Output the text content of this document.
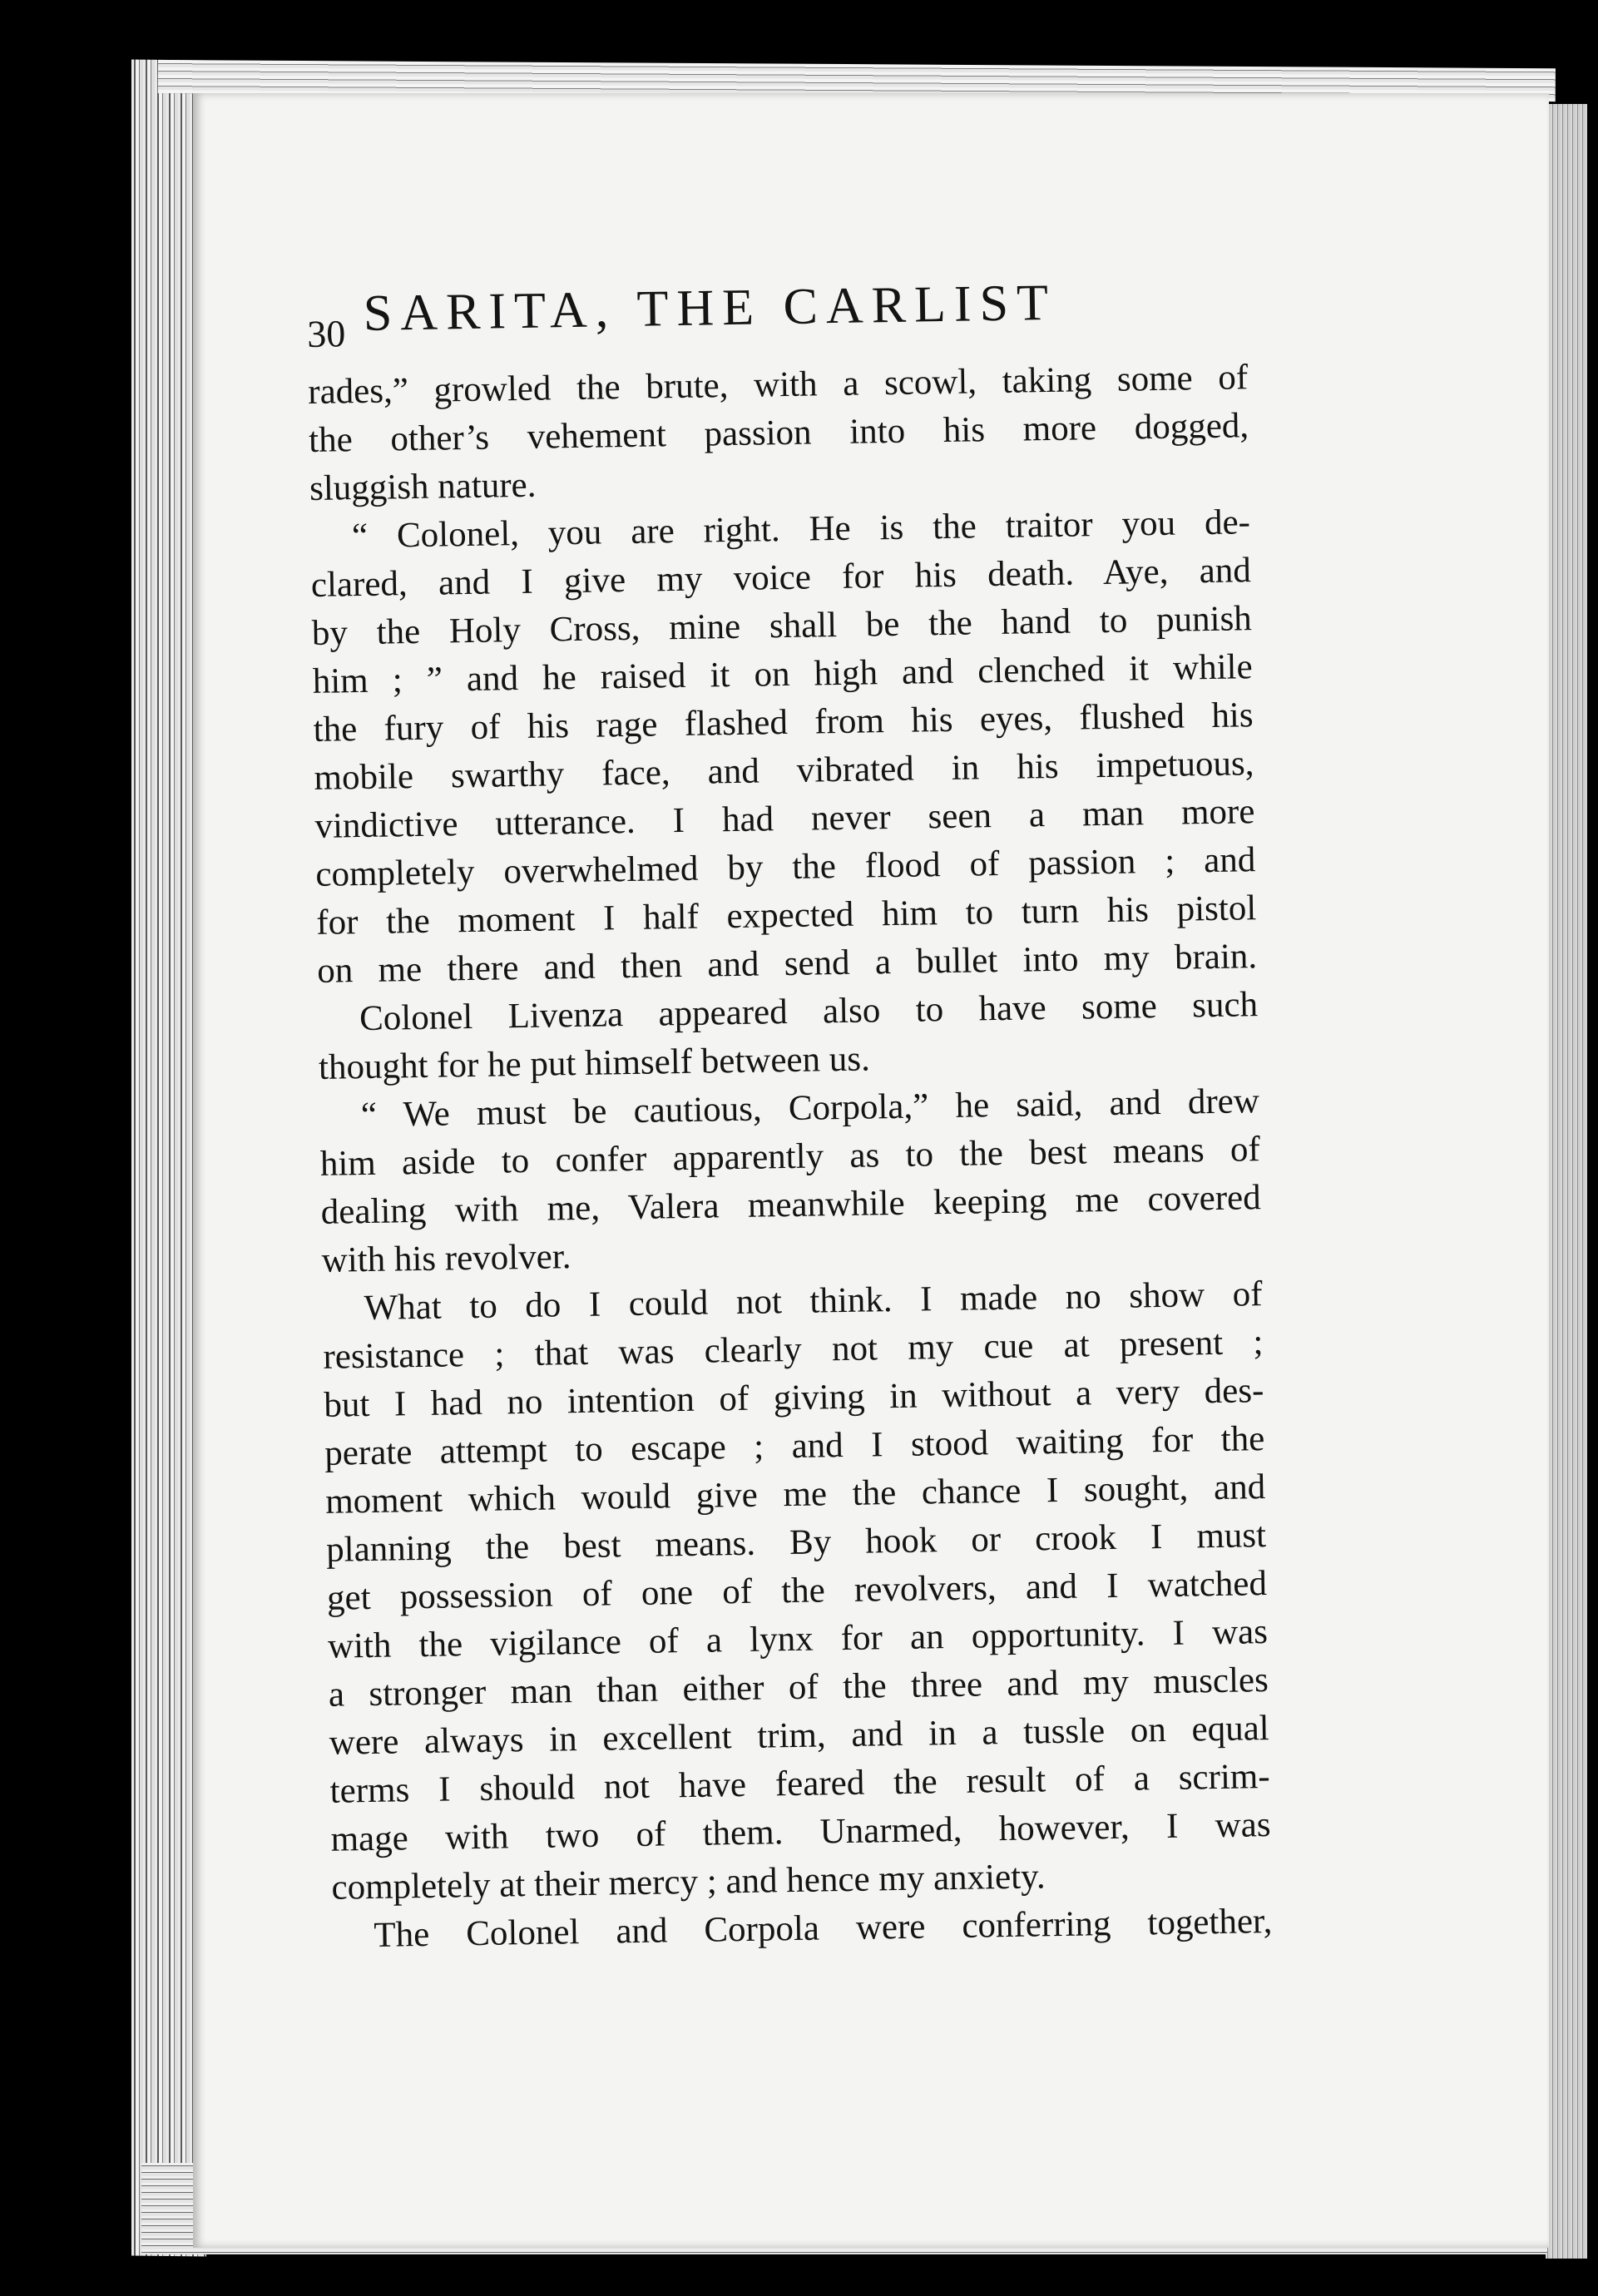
30 SARITA, THE CARLIST
rades,” growled the brute, with a scowl, taking some of
the other’s vehement passion into his more dogged,
sluggish nature.
“ Colonel, you are right. He is the traitor you de-
clared, and I give my voice for his death. Aye, and
by the Holy Cross, mine shall be the hand to punish
him ; ” and he raised it on high and clenched it while
the fury of his rage flashed from his eyes, flushed his
mobile swarthy face, and vibrated in his impetuous,
vindictive utterance. I had never seen a man more
completely overwhelmed by the flood of passion ; and
for the moment I half expected him to turn his pistol
on me there and then and send a bullet into my brain.
Colonel Livenza appeared also to have some such
thought for he put himself between us.
“ We must be cautious, Corpola,” he said, and drew
him aside to confer apparently as to the best means of
dealing with me, Valera meanwhile keeping me covered
with his revolver.
What to do I could not think. I made no show of
resistance ; that was clearly not my cue at present ;
but I had no intention of giving in without a very des-
perate attempt to escape ; and I stood waiting for the
moment which would give me the chance I sought, and
planning the best means. By hook or crook I must
get possession of one of the revolvers, and I watched
with the vigilance of a lynx for an opportunity. I was
a stronger man than either of the three and my muscles
were always in excellent trim, and in a tussle on equal
terms I should not have feared the result of a scrim-
mage with two of them. Unarmed, however, I was
completely at their mercy ; and hence my anxiety.
The Colonel and Corpola were conferring together,
